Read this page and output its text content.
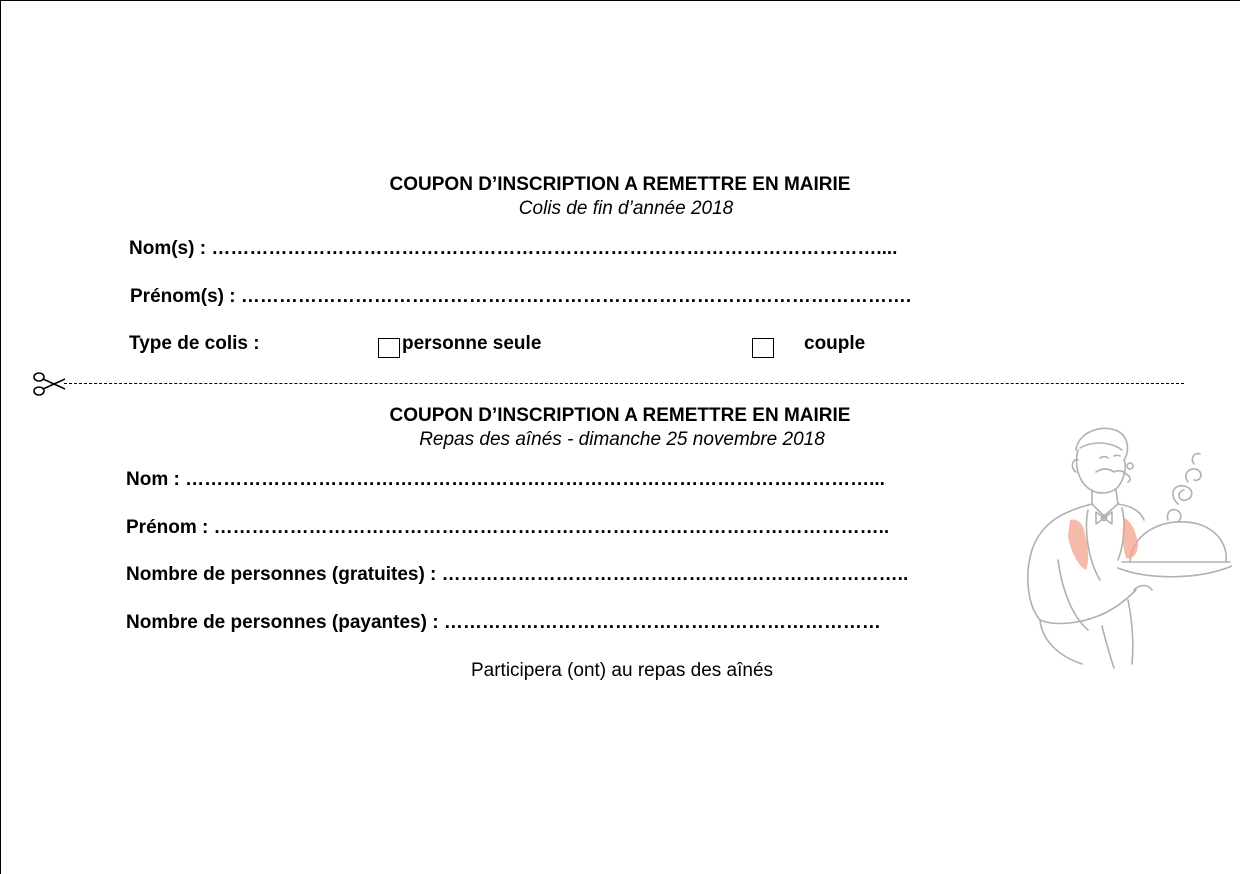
COUPON D’INSCRIPTION A REMETTRE EN MAIRIE
Colis de fin d’année 2018
Nom(s) : ……………………………………………………………………………………………....
Prénom(s) : …………………………………………………………………………………………….
Type de colis :	personne seule	couple
COUPON D’INSCRIPTION A REMETTRE EN MAIRIE
Repas des aînés - dimanche 25 novembre 2018
Nom : ………………………………………………………………………………………………...
Prénom : ……………………………………………………………………………………………..
Nombre de personnes (gratuites) : ………………………………………………………………..
Nombre de personnes (payantes) : ……………………………………………………………
Participera (ont) au repas des aînés
